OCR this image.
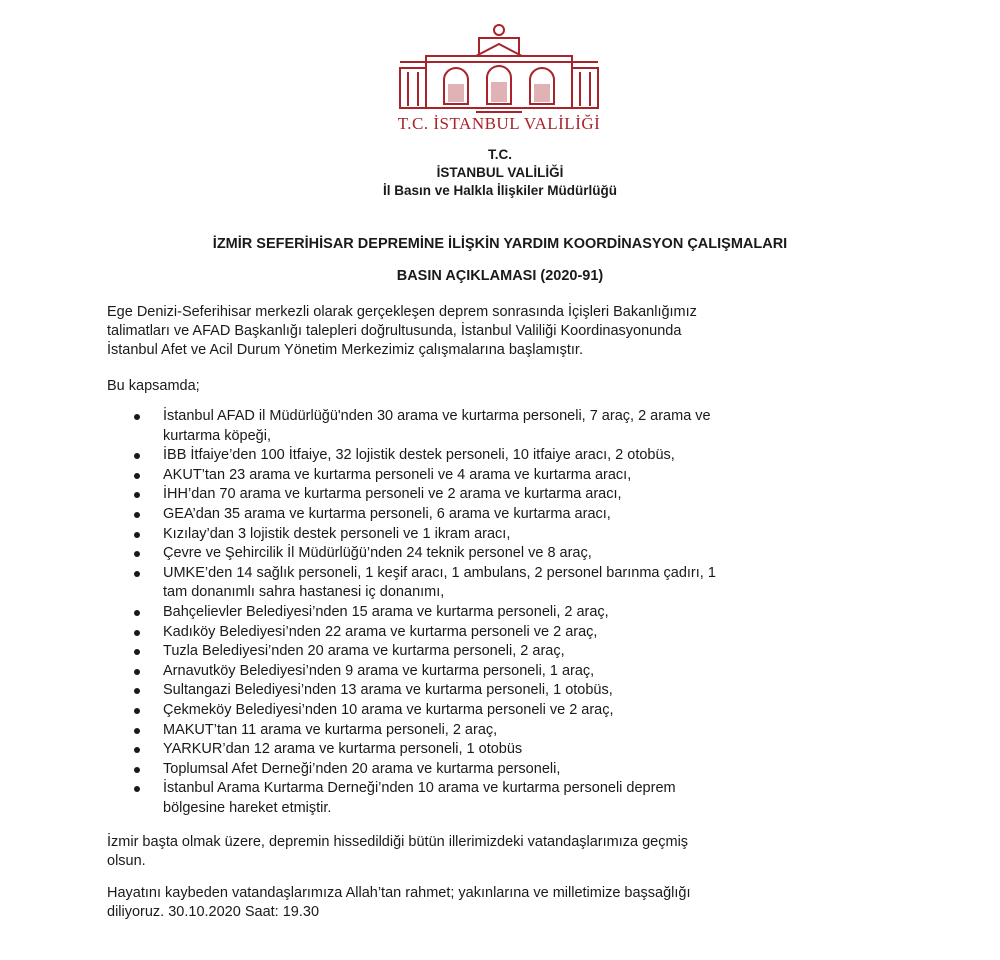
T.C. İSTANBUL VALİLİĞİ
T.C.
İSTANBUL VALİLİĞİ
İl Basın ve Halkla İlişkiler Müdürlüğü
İZMİR SEFERİHİSAR DEPREMİNE İLİŞKİN YARDIM KOORDİNASYON ÇALIŞMALARI
BASIN AÇIKLAMASI (2020-91)
Ege Denizi-Seferihisar merkezli olarak gerçekleşen deprem sonrasında İçişleri Bakanlığımız
talimatları ve AFAD Başkanlığı talepleri doğrultusunda, İstanbul Valiliği Koordinasyonunda
İstanbul Afet ve Acil Durum Yönetim Merkezimiz çalışmalarına başlamıştır.
Bu kapsamda;
İstanbul AFAD il Müdürlüğü'nden 30 arama ve kurtarma personeli, 7 araç, 2 arama ve
kurtarma köpeği,
İBB İtfaiye’den 100 İtfaiye, 32 lojistik destek personeli, 10 itfaiye aracı, 2 otobüs,
AKUT’tan 23 arama ve kurtarma personeli ve 4 arama ve kurtarma aracı,
İHH’dan 70 arama ve kurtarma personeli ve 2 arama ve kurtarma aracı,
GEA’dan 35 arama ve kurtarma personeli, 6 arama ve kurtarma aracı,
Kızılay’dan 3 lojistik destek personeli ve 1 ikram aracı,
Çevre ve Şehircilik İl Müdürlüğü’nden 24 teknik personel ve 8 araç,
UMKE’den 14 sağlık personeli, 1 keşif aracı, 1 ambulans, 2 personel barınma çadırı, 1
tam donanımlı sahra hastanesi iç donanımı,
Bahçelievler Belediyesi’nden 15 arama ve kurtarma personeli, 2 araç,
Kadıköy Belediyesi’nden 22 arama ve kurtarma personeli ve 2 araç,
Tuzla Belediyesi’nden 20 arama ve kurtarma personeli, 2 araç,
Arnavutköy Belediyesi’nden 9 arama ve kurtarma personeli, 1 araç,
Sultangazi Belediyesi’nden 13 arama ve kurtarma personeli, 1 otobüs,
Çekmeköy Belediyesi’nden 10 arama ve kurtarma personeli ve 2 araç,
MAKUT’tan 11 arama ve kurtarma personeli, 2 araç,
YARKUR’dan 12 arama ve kurtarma personeli, 1 otobüs
Toplumsal Afet Derneği’nden 20 arama ve kurtarma personeli,
İstanbul Arama Kurtarma Derneği’nden 10 arama ve kurtarma personeli deprem
bölgesine hareket etmiştir.
İzmir başta olmak üzere, depremin hissedildiği bütün illerimizdeki vatandaşlarımıza geçmiş
olsun.
Hayatını kaybeden vatandaşlarımıza Allah’tan rahmet; yakınlarına ve milletimize başsağlığı
diliyoruz. 30.10.2020 Saat: 19.30
